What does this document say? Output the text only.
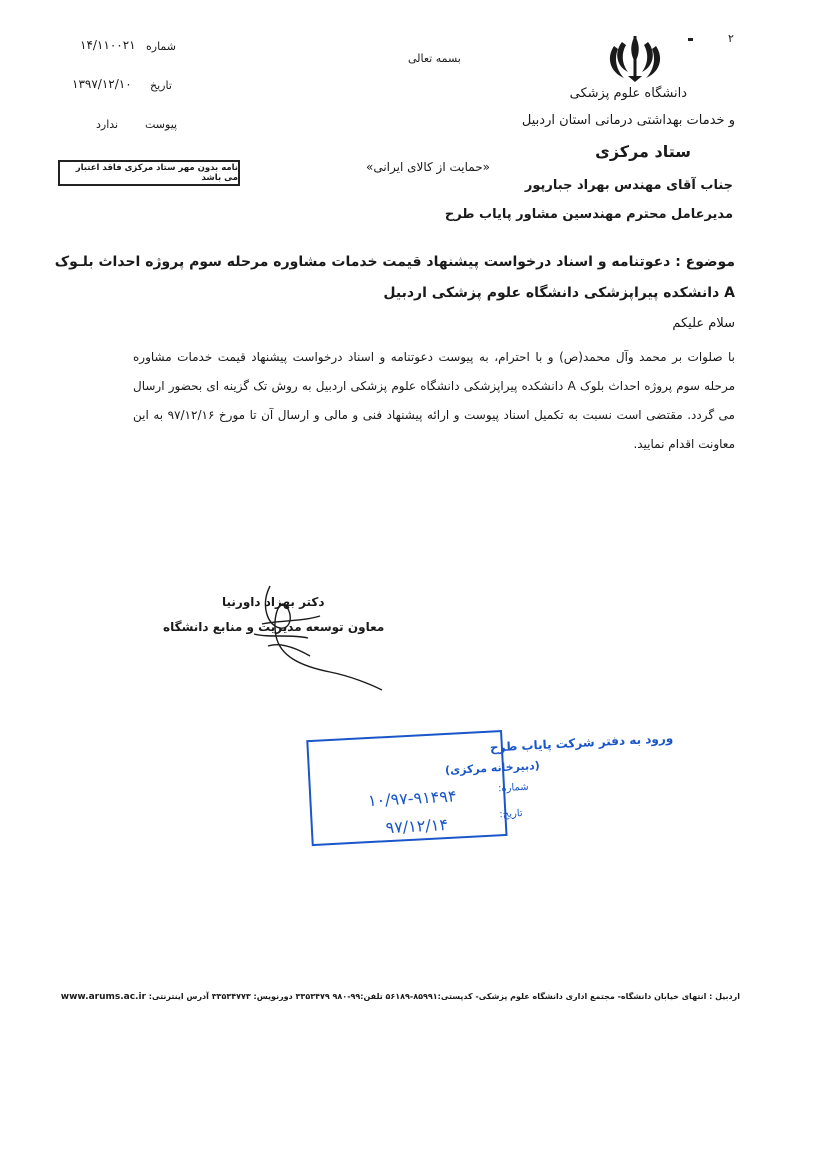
دانشگاه علوم پزشکی
و خدمات بهداشتی درمانی استان اردبیل
ستاد مرکزی
٢
بسمه تعالی
«حمایت از کالای ایرانی»
شماره
۱۴/۱۱۰۰۲۱
تاریخ
۱۳۹۷/۱۲/۱۰
پیوست
ندارد
نامه بدون مهر ستاد مرکزی فاقد اعتبار می باشد	جناب آقای مهندس بهراد جبارپور
مدیرعامل محترم مهندسین مشاور پایاب طرح
موضوع : دعوتنامه و اسناد درخواست پیشنهاد قیمت خدمات مشاوره مرحله سوم پروژه احداث بلـوک
A دانشکده پیراپزشکی دانشگاه علوم پزشکی اردبیل
سلام علیکم
با صلوات بر محمد وآل محمد(ص) و با احترام، به پیوست دعوتنامه و اسناد درخواست پیشنهاد قیمت خدمات مشاوره مرحله سوم پروژه احداث بلوک A دانشکده پیراپزشکی دانشگاه علوم پزشکی اردبیل به روش تک گزینه ای بحضور ارسال می گردد. مقتضی است نسبت به تکمیل اسناد پیوست و ارائه پیشنهاد فنی و مالی و ارسال آن تا مورخ ۹۷/۱۲/۱۶ به این معاونت اقدام نمایید.
دکتر بهزاد داورنیا
معاون توسعه مدیریت و منابع دانشگاه
ورود به دفتر شرکت پایاب طرح
(دبیرخانه مرکزی)
شماره:
۱۰/۹۷-۹۱۴۹۴
تاریخ:
۹۷/۱۲/۱۴
اردبیل : انتهای خیابان دانشگاه- مجتمع اداری دانشگاه علوم پزشکی- کدپستی:۸۵۹۹۱-۵۶۱۸۹ تلفن:۹۹-۹۸۰ ۳۳۵۳۴۷۹ دورنویس: ۳۳۵۳۴۷۷۳ آدرس اینترنتی: www.arums.ac.ir
